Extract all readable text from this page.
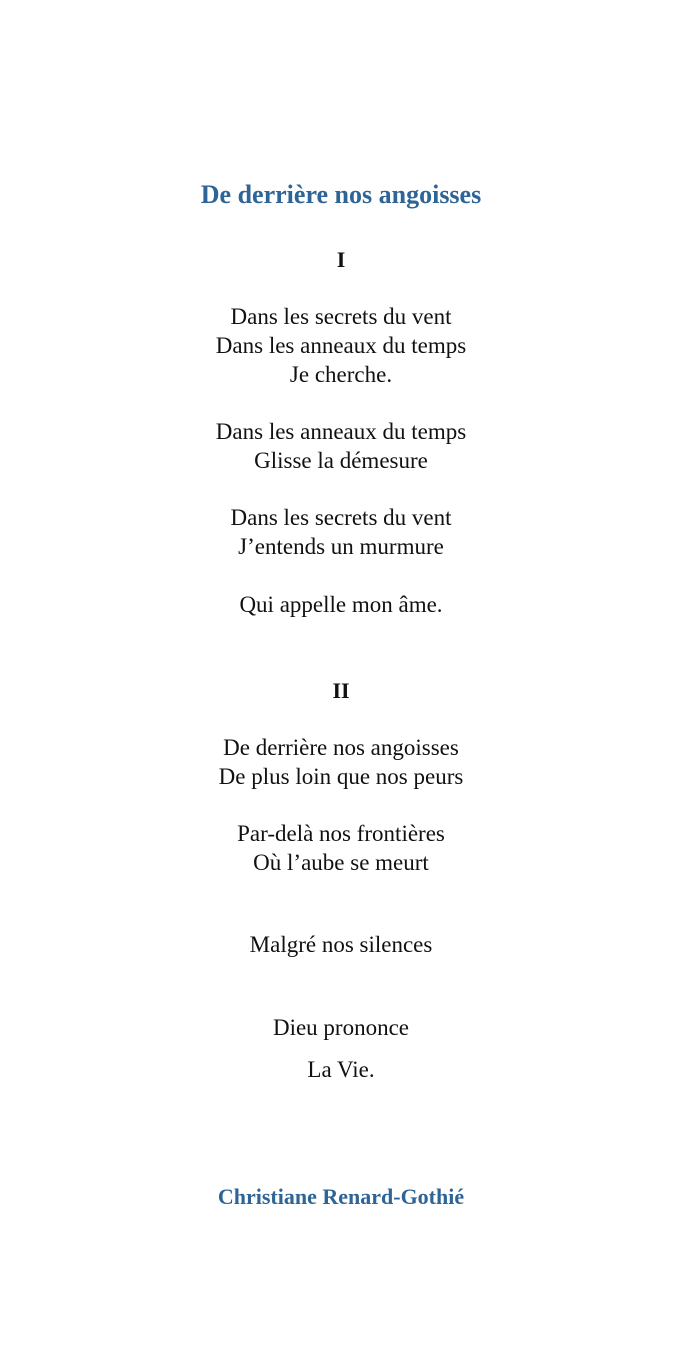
De derrière nos angoisses
I
Dans les secrets du vent
Dans les anneaux du temps
Je cherche.
Dans les anneaux du temps
Glisse la démesure
Dans les secrets du vent
J’entends un murmure
Qui appelle mon âme.
II
De derrière nos angoisses
De plus loin que nos peurs
Par-delà nos frontières
Où l’aube se meurt
Malgré nos silences
Dieu prononce
La Vie.
Christiane Renard-Gothié
